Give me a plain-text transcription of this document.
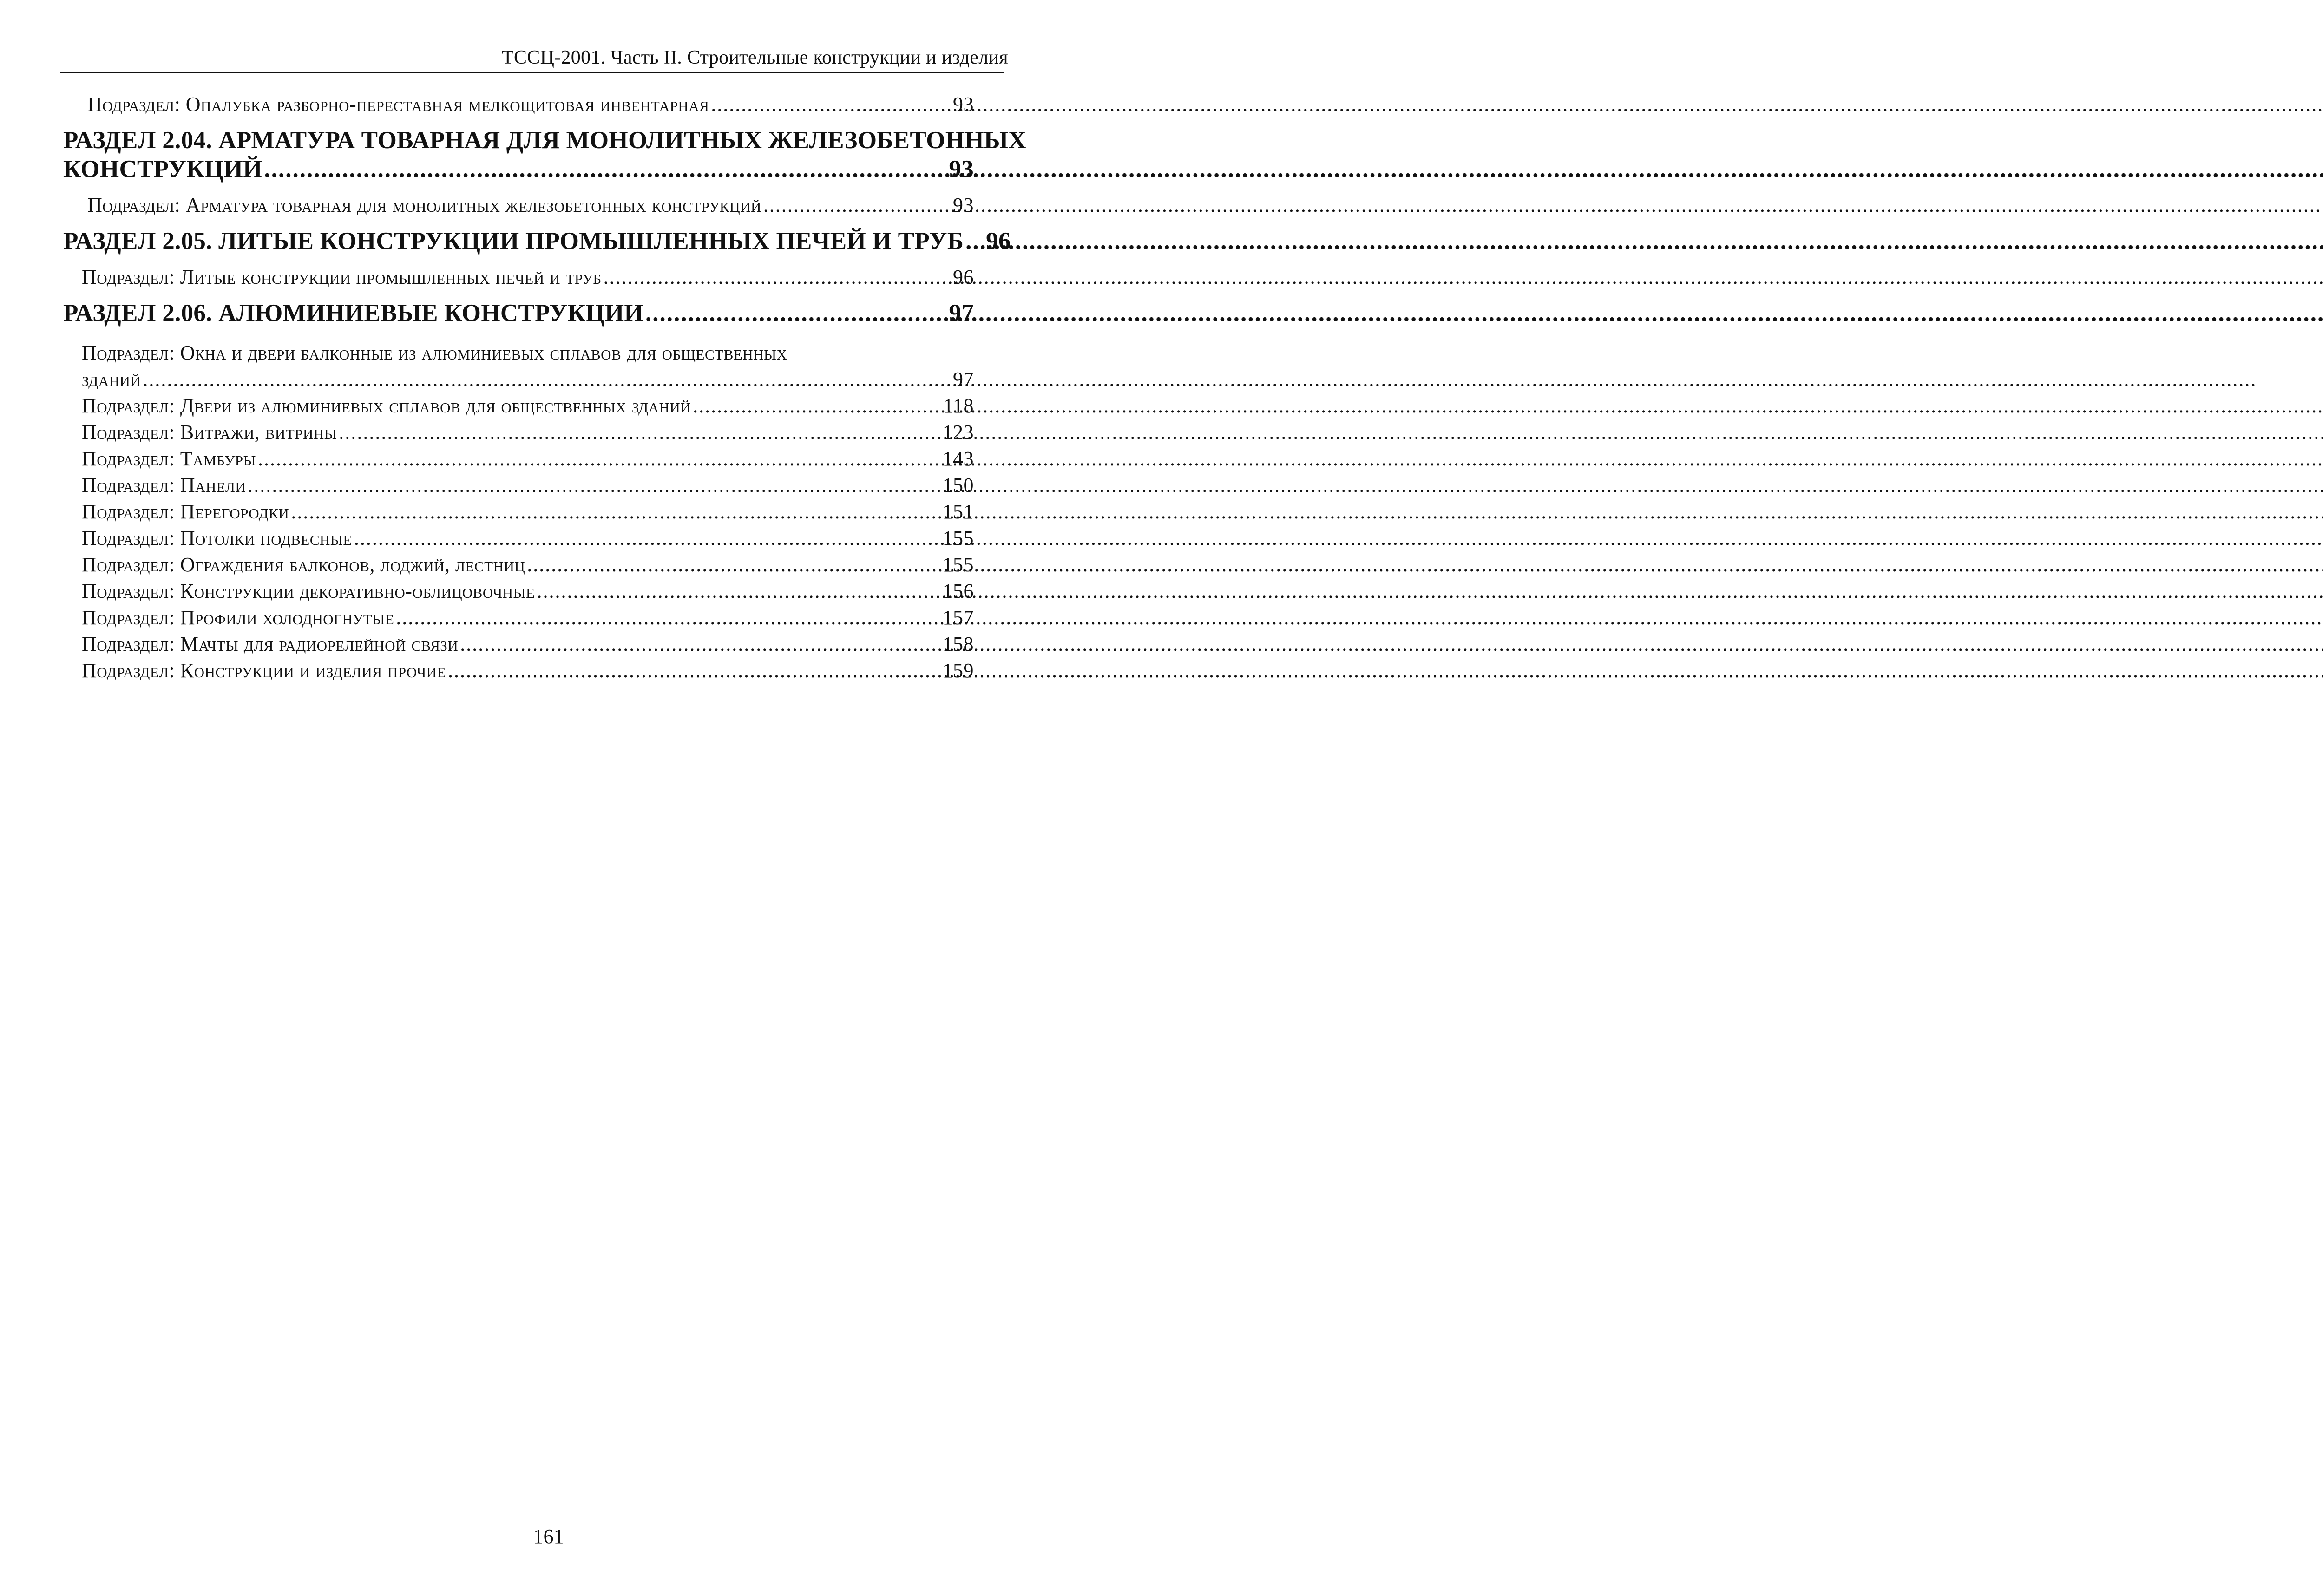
ТССЦ-2001. Часть II. Строительные конструкции и изделия
Подраздел: Опалубка разборно-переставная мелкощитовая инвентарная .....	93
РАЗДЕЛ 2.04. АРМАТУРА ТОВАРНАЯ ДЛЯ МОНОЛИТНЫХ ЖЕЛЕЗОБЕТОННЫХ
КОНСТРУКЦИЙ .....	93
Подраздел: Арматура товарная для монолитных железобетонных конструкций .....	93
РАЗДЕЛ 2.05. ЛИТЫЕ КОНСТРУКЦИИ ПРОМЫШЛЕННЫХ ПЕЧЕЙ И ТРУБ ..... 96
Подраздел: Литые конструкции промышленных печей и труб .....	96
РАЗДЕЛ 2.06. АЛЮМИНИЕВЫЕ КОНСТРУКЦИИ .....	97
Подраздел: Окна и двери балконные из алюминиевых сплавов для общественных
зданий .....	97
Подраздел: Двери из алюминиевых сплавов для общественных зданий .....	118
Подраздел: Витражи, витрины .....	123
Подраздел: Тамбуры .....	143
Подраздел: Панели .....	150
Подраздел: Перегородки .....	151
Подраздел: Потолки подвесные .....	155
Подраздел: Ограждения балконов, лоджий, лестниц .....	155
Подраздел: Конструкции декоративно-облицовочные .....	156
Подраздел: Профили холодногнутые .....	157
Подраздел: Мачты для радиорелейной связи .....	158
Подраздел: Конструкции и изделия прочие .....	159
161
